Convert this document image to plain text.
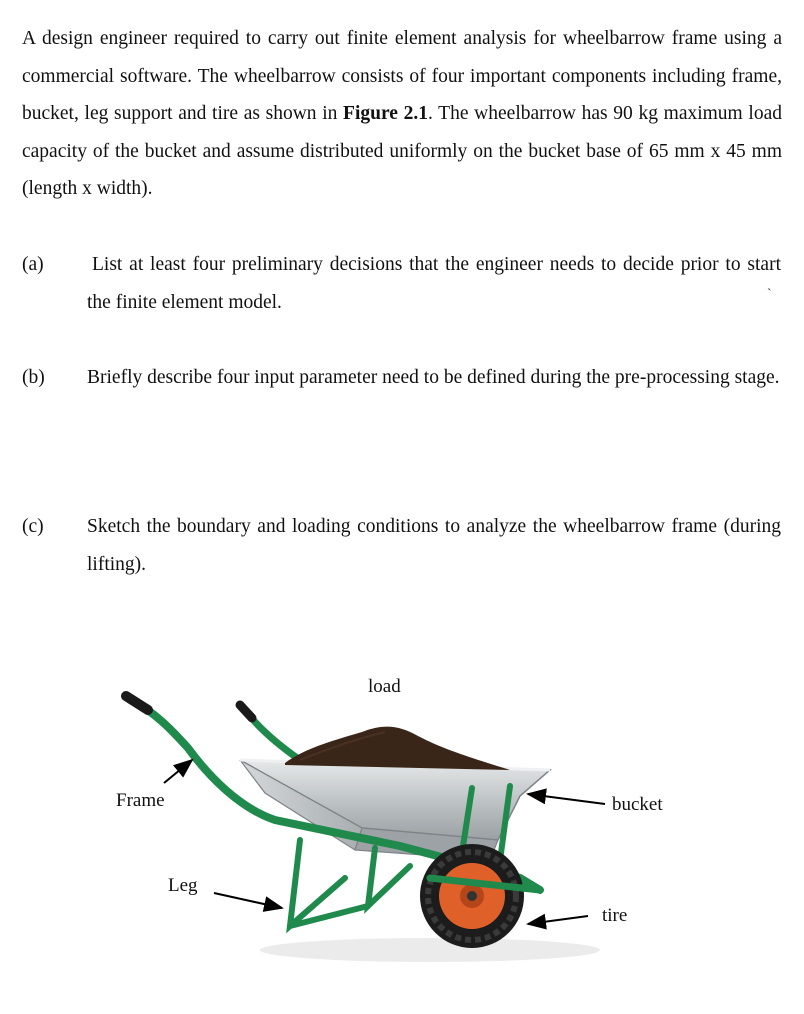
A design engineer required to carry out finite element analysis for wheelbarrow frame using a commercial software. The wheelbarrow consists of four important components including frame, bucket, leg support and tire as shown in Figure 2.1. The wheelbarrow has 90 kg maximum load capacity of the bucket and assume distributed uniformly on the bucket base of 65 mm x 45 mm (length x width).
(a) List at least four preliminary decisions that the engineer needs to decide prior to start the finite element model.	`
(b) Briefly describe four input parameter need to be defined during the pre-processing stage.
(c) Sketch the boundary and loading conditions to analyze the wheelbarrow frame (during lifting).
load
Frame	bucket
Leg
tire
